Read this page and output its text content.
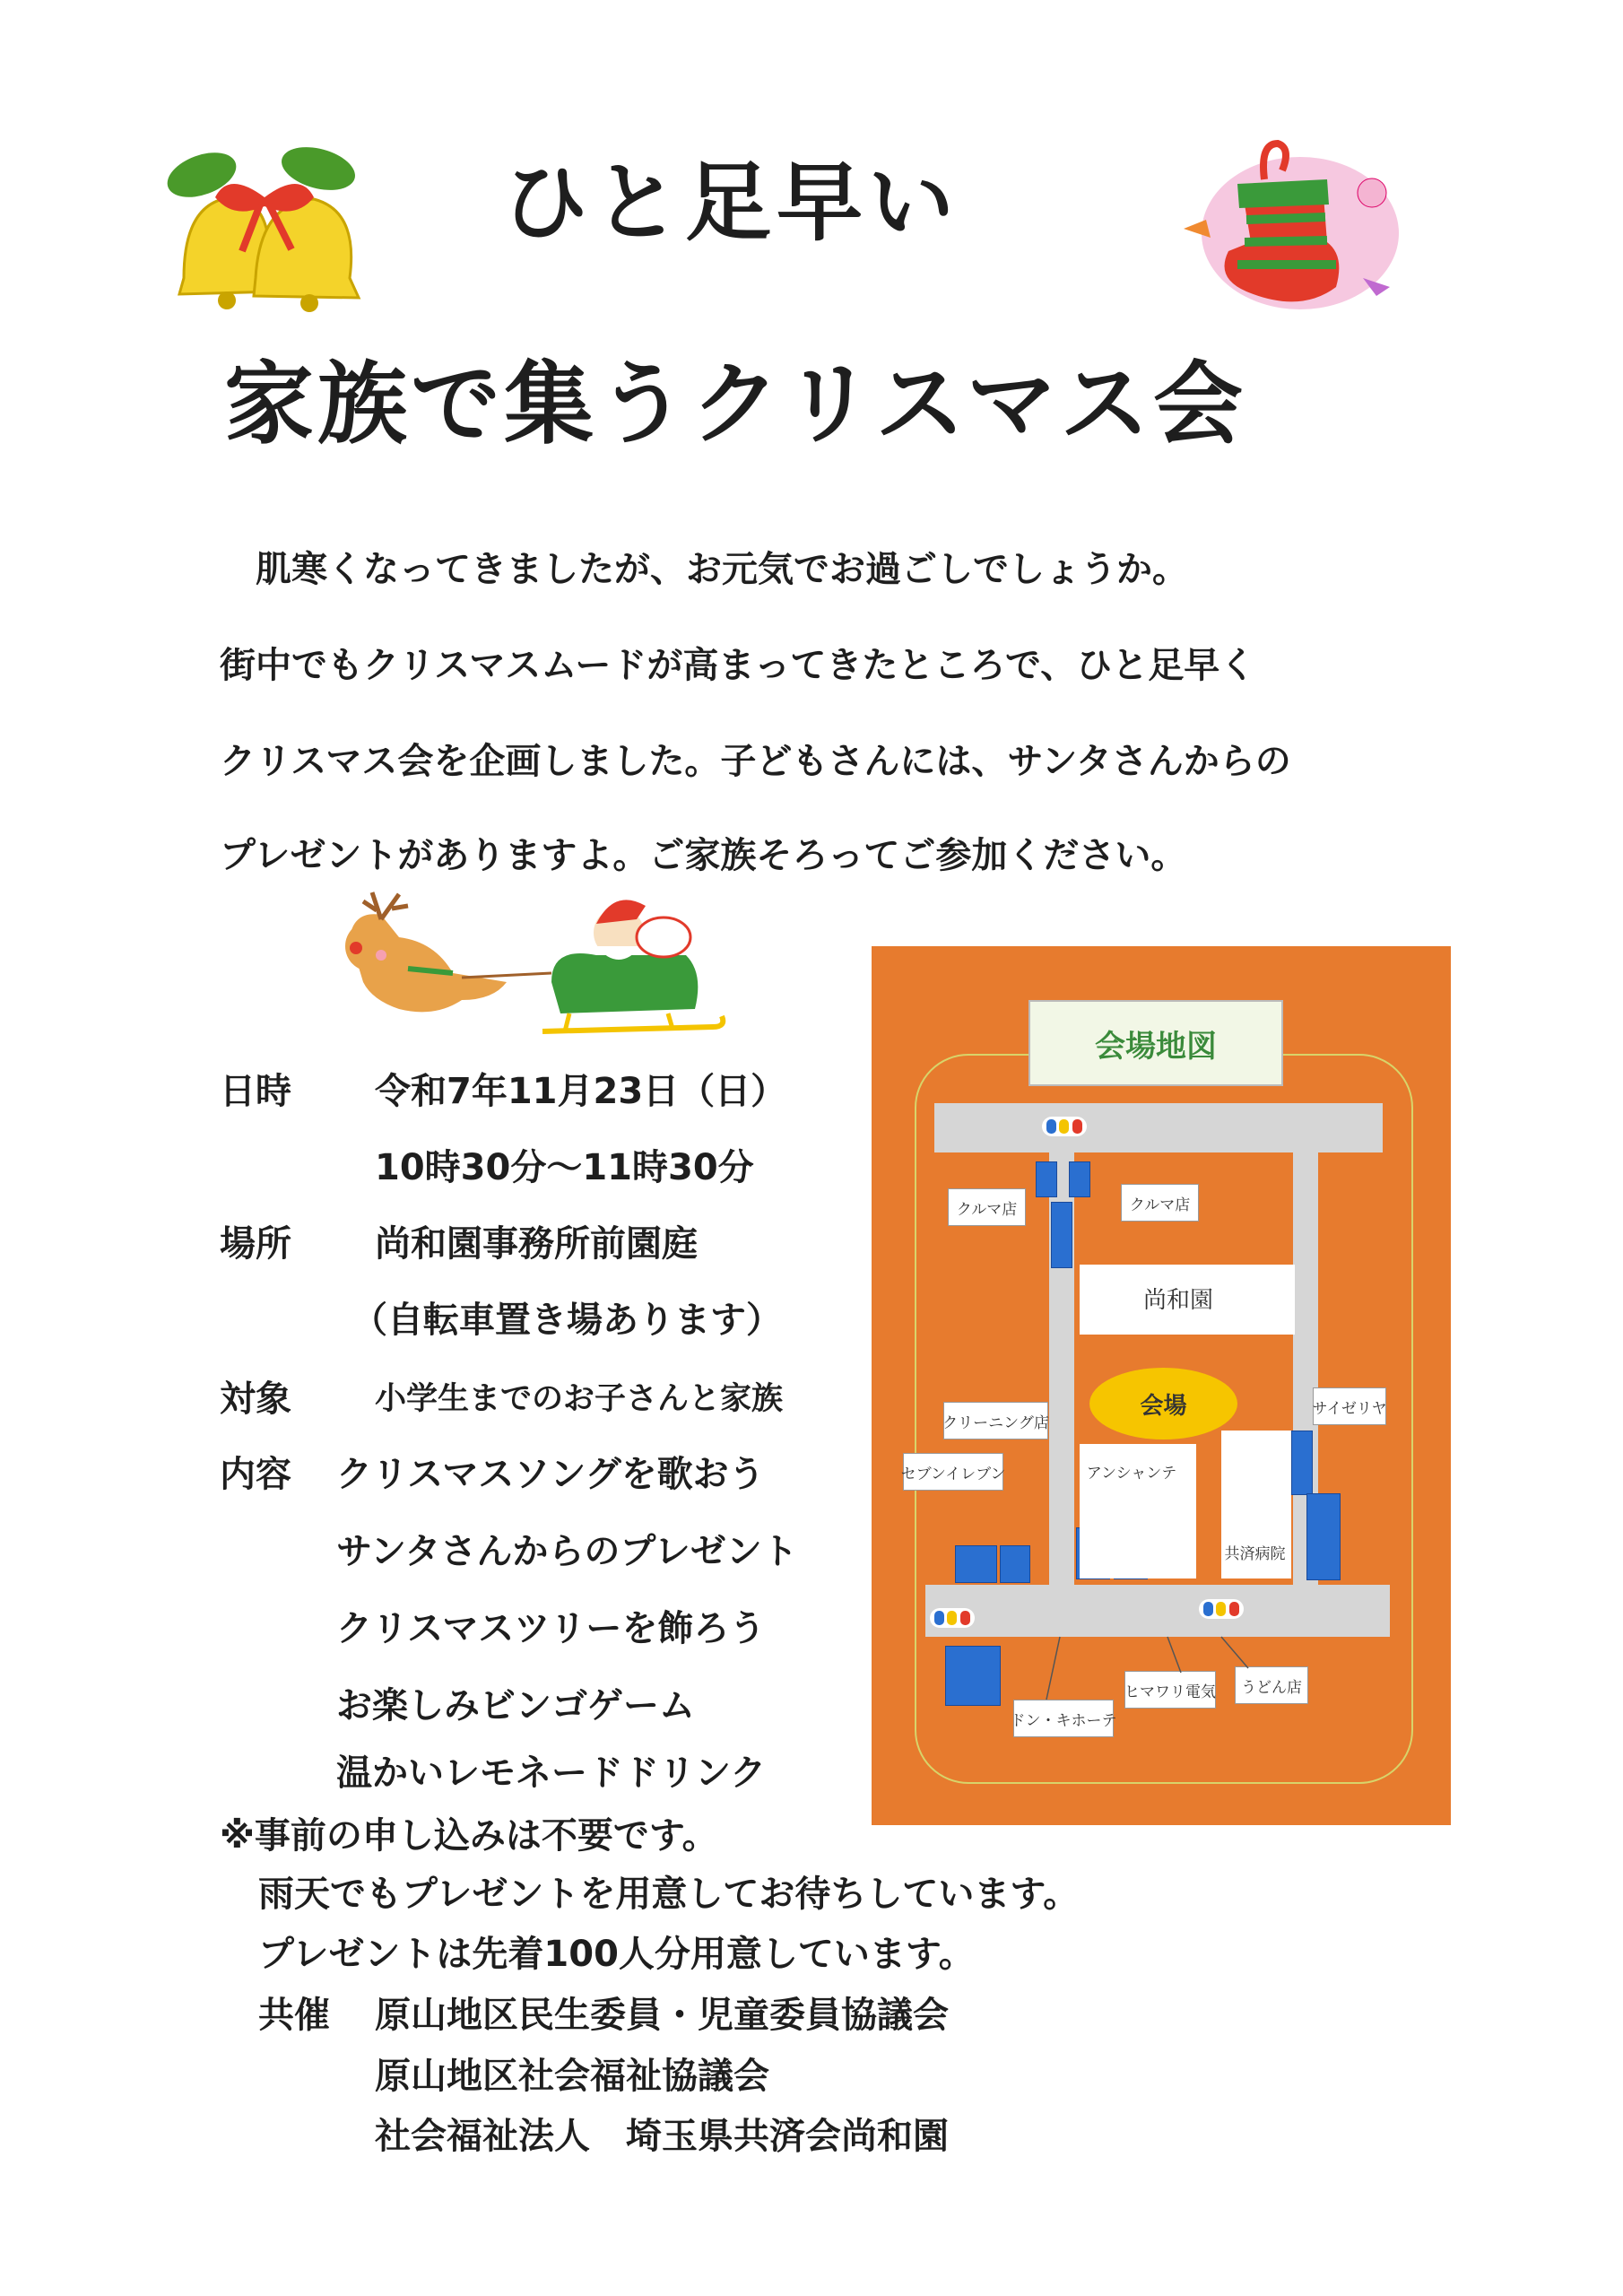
ひと足早い
家族で集うクリスマス会
肌寒くなってきましたが、お元気でお過ごしでしょうか。
街中でもクリスマスムードが高まってきたところで、ひと足早く
クリスマス会を企画しました。子どもさんには、サンタさんからの
プレゼントがありますよ。ご家族そろってご参加ください。
日時 令和7年11月23日（日）
10時30分～11時30分
場所 尚和園事務所前園庭
（自転車置き場あります）
対象	小学生までのお子さんと家族
内容 クリスマスソングを歌おう
サンタさんからのプレゼント
クリスマスツリーを飾ろう
お楽しみビンゴゲーム
温かいレモネードドリンク
※事前の申し込みは不要です。
雨天でもプレゼントを用意してお待ちしています。
プレゼントは先着100人分用意しています。
共催 原山地区民生委員・児童委員協議会
原山地区社会福祉協議会
社会福祉法人　埼玉県共済会尚和園
会場地図
尚和園
アンシャンテ
共済病院
会場
クルマ店	クルマ店
クリーニング店
セブンイレブン
サイゼリヤ
ドン・キホーテ
ヒマワリ電気	うどん店
